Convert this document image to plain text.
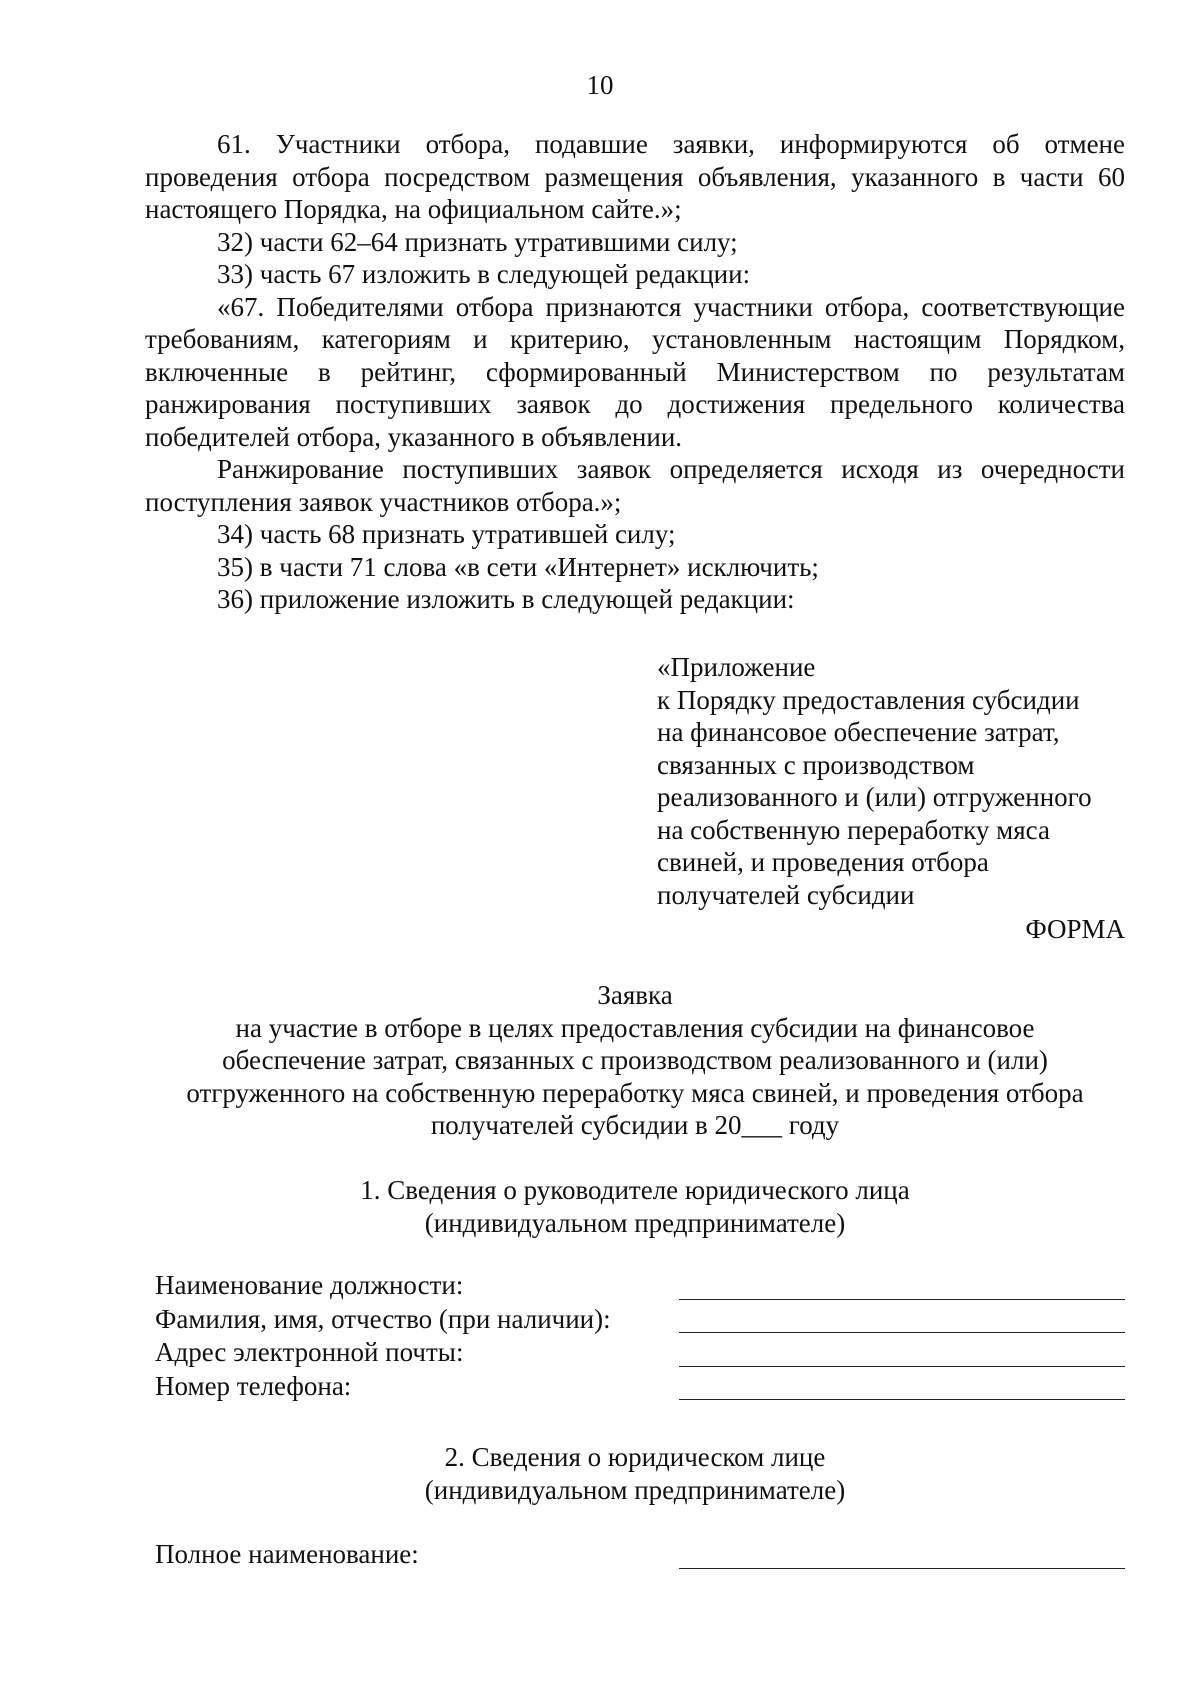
10

61. Участники отбора, подавшие заявки, информируются об отмене проведения отбора посредством размещения объявления, указанного в части 60 настоящего Порядка, на официальном сайте.»;

32) части 62–64 признать утратившими силу;

33) часть 67 изложить в следующей редакции:

«67. Победителями отбора признаются участники отбора, соответствующие требованиям, категориям и критерию, установленным настоящим Порядком, включенные в рейтинг, сформированный Министерством по результатам ранжирования поступивших заявок до достижения предельного количества победителей отбора, указанного в объявлении.

Ранжирование поступивших заявок определяется исходя из очередности поступления заявок участников отбора.»;

34) часть 68 признать утратившей силу;

35) в части 71 слова «в сети «Интернет» исключить;

36) приложение изложить в следующей редакции:

«Приложение
к Порядку предоставления субсидии
на финансовое обеспечение затрат,
связанных с производством
реализованного и (или) отгруженного
на собственную переработку мяса
свиней, и проведения отбора
получателей субсидии
ФОРМА
Заявка
на участие в отборе в целях предоставления субсидии на финансовое
обеспечение затрат, связанных с производством реализованного и (или)
отгруженного на собственную переработку мяса свиней, и проведения отбора
получателей субсидии в 20___ году
1. Сведения о руководителе юридического лица
(индивидуальном предпринимателе)
Наименование должности:
Фамилия, имя, отчество (при наличии):
Адрес электронной почты:
Номер телефона:
2. Сведения о юридическом лице
(индивидуальном предпринимателе)
Полное наименование:
